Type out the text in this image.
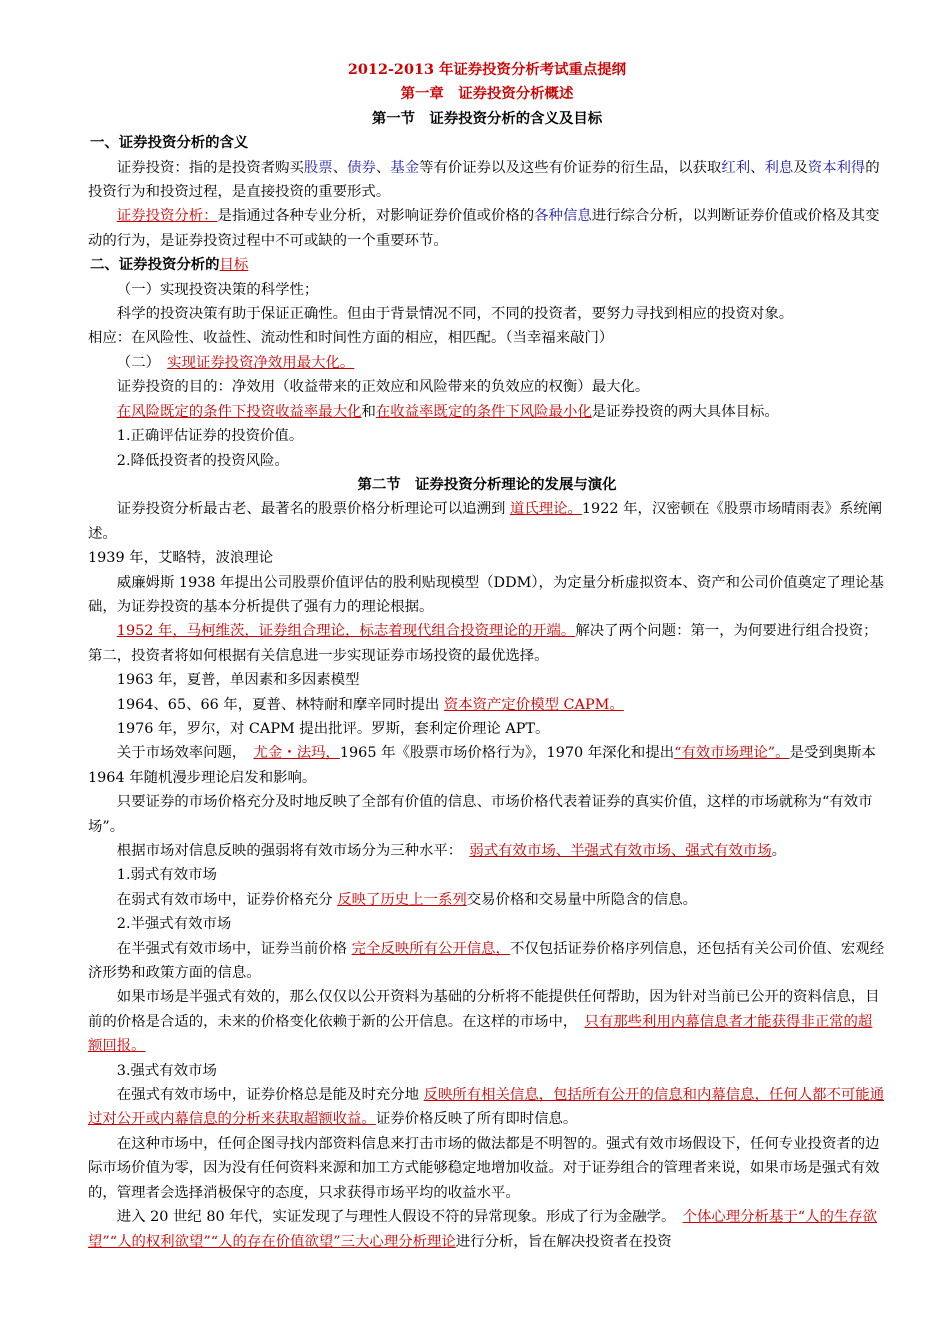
2012-2013 年证券投资分析考试重点提纲
第一章　证券投资分析概述
第一节　证券投资分析的含义及目标
一、证券投资分析的含义

证券投资：指的是投资者购买股票、债券、基金等有价证券以及这些有价证券的衍生品，以获取红利、利息及资本利得的投资行为和投资过程，是直接投资的重要形式。

证券投资分析：是指通过各种专业分析，对影响证券价值或价格的各种信息进行综合分析，以判断证券价值或价格及其变动的行为，是证券投资过程中不可或缺的一个重要环节。

二、证券投资分析的目标

（一）实现投资决策的科学性；

科学的投资决策有助于保证正确性。但由于背景情况不同，不同的投资者，要努力寻找到相应的投资对象。

相应：在风险性、收益性、流动性和时间性方面的相应，相匹配。（当幸福来敲门）

（二）　实现证券投资净效用最大化。

证券投资的目的：净效用（收益带来的正效应和风险带来的负效应的权衡）最大化。

在风险既定的条件下投资收益率最大化和在收益率既定的条件下风险最小化是证券投资的两大具体目标。

1.正确评估证券的投资价值。

2.降低投资者的投资风险。

第二节　证券投资分析理论的发展与演化

证券投资分析最古老、最著名的股票价格分析理论可以追溯到 道氏理论。1922 年，汉密顿在《股票市场晴雨表》系统阐述。

1939 年，艾略特，波浪理论

威廉姆斯 1938 年提出公司股票价值评估的股利贴现模型（DDM），为定量分析虚拟资本、资产和公司价值奠定了理论基础，为证券投资的基本分析提供了强有力的理论根据。

1952 年，马柯维茨，证券组合理论，标志着现代组合投资理论的开端。解决了两个问题：第一，为何要进行组合投资；第二，投资者将如何根据有关信息进一步实现证券市场投资的最优选择。

1963 年，夏普，单因素和多因素模型

1964、65、66 年，夏普、林特耐和摩辛同时提出 资本资产定价模型 CAPM。

1976 年，罗尔，对 CAPM 提出批评。罗斯，套利定价理论 APT。

关于市场效率问题，　尤金・法玛，1965 年《股票市场价格行为》，1970 年深化和提出“有效市场理论”。是受到奥斯本 1964 年随机漫步理论启发和影响。

只要证券的市场价格充分及时地反映了全部有价值的信息、市场价格代表着证券的真实价值，这样的市场就称为“有效市场”。

根据市场对信息反映的强弱将有效市场分为三种水平：　弱式有效市场、半强式有效市场、强式有效市场。

1.弱式有效市场

在弱式有效市场中，证券价格充分 反映了历史上一系列交易价格和交易量中所隐含的信息。

2.半强式有效市场

在半强式有效市场中，证券当前价格 完全反映所有公开信息，不仅包括证券价格序列信息，还包括有关公司价值、宏观经济形势和政策方面的信息。

如果市场是半强式有效的，那么仅仅以公开资料为基础的分析将不能提供任何帮助，因为针对当前已公开的资料信息，目前的价格是合适的，未来的价格变化依赖于新的公开信息。在这样的市场中，　只有那些利用内幕信息者才能获得非正常的超额回报。

3.强式有效市场

在强式有效市场中，证券价格总是能及时充分地 反映所有相关信息，包括所有公开的信息和内幕信息，任何人都不可能通过对公开或内幕信息的分析来获取超额收益。证券价格反映了所有即时信息。

在这种市场中，任何企图寻找内部资料信息来打击市场的做法都是不明智的。强式有效市场假设下，任何专业投资者的边际市场价值为零，因为没有任何资料来源和加工方式能够稳定地增加收益。对于证券组合的管理者来说，如果市场是强式有效的，管理者会选择消极保守的态度，只求获得市场平均的收益水平。

进入 20 世纪 80 年代，实证发现了与理性人假设不符的异常现象。形成了行为金融学。　个体心理分析基于“人的生存欲望”“人的权利欲望”“人的存在价值欲望”三大心理分析理论进行分析，旨在解决投资者在投资
